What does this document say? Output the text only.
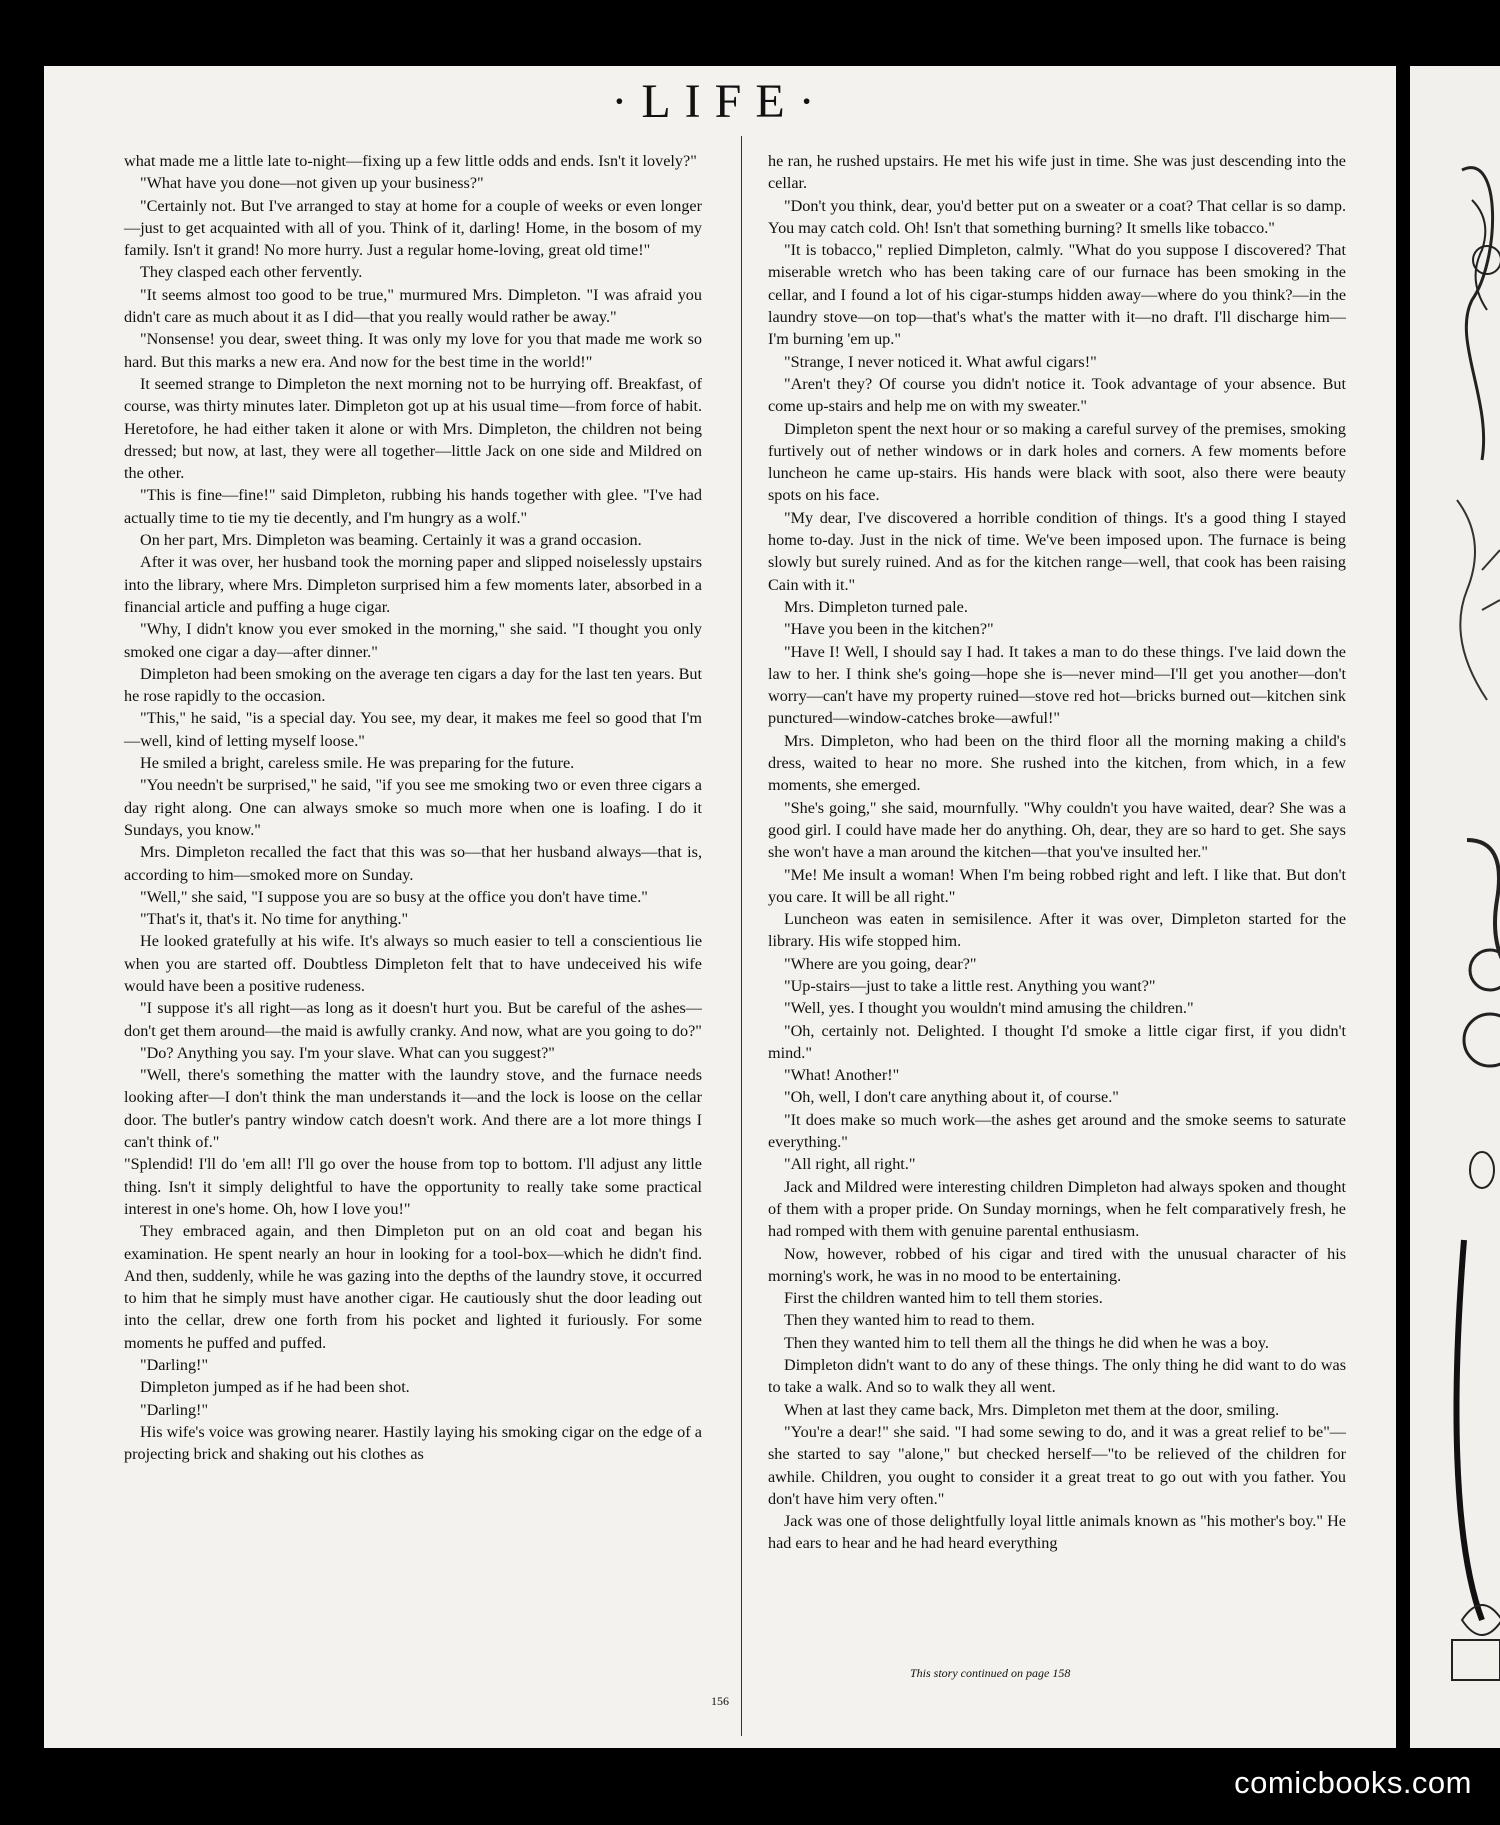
·LIFE·

what made me a little late to-night—fixing up a few little odds and ends. Isn't it lovely?"

"What have you done—not given up your business?"

"Certainly not. But I've arranged to stay at home for a couple of weeks or even longer—just to get acquainted with all of you. Think of it, darling! Home, in the bosom of my family. Isn't it grand! No more hurry. Just a regular home-loving, great old time!"

They clasped each other fervently.

"It seems almost too good to be true," murmured Mrs. Dimpleton. "I was afraid you didn't care as much about it as I did—that you really would rather be away."

"Nonsense! you dear, sweet thing. It was only my love for you that made me work so hard. But this marks a new era. And now for the best time in the world!"

It seemed strange to Dimpleton the next morning not to be hurrying off. Breakfast, of course, was thirty minutes later. Dimpleton got up at his usual time—from force of habit. Heretofore, he had either taken it alone or with Mrs. Dimpleton, the children not being dressed; but now, at last, they were all together—little Jack on one side and Mildred on the other.

"This is fine—fine!" said Dimpleton, rubbing his hands together with glee. "I've had actually time to tie my tie decently, and I'm hungry as a wolf."

On her part, Mrs. Dimpleton was beaming. Certainly it was a grand occasion.

After it was over, her husband took the morning paper and slipped noiselessly upstairs into the library, where Mrs. Dimpleton surprised him a few moments later, absorbed in a financial article and puffing a huge cigar.

"Why, I didn't know you ever smoked in the morning," she said. "I thought you only smoked one cigar a day—after dinner."

Dimpleton had been smoking on the average ten cigars a day for the last ten years. But he rose rapidly to the occasion.

"This," he said, "is a special day. You see, my dear, it makes me feel so good that I'm—well, kind of letting myself loose."

He smiled a bright, careless smile. He was preparing for the future.

"You needn't be surprised," he said, "if you see me smoking two or even three cigars a day right along. One can always smoke so much more when one is loafing. I do it Sundays, you know."

Mrs. Dimpleton recalled the fact that this was so—that her husband always—that is, according to him—smoked more on Sunday.

"Well," she said, "I suppose you are so busy at the office you don't have time."

"That's it, that's it. No time for anything."

He looked gratefully at his wife. It's always so much easier to tell a conscientious lie when you are started off. Doubtless Dimpleton felt that to have undeceived his wife would have been a positive rudeness.

"I suppose it's all right—as long as it doesn't hurt you. But be careful of the ashes—don't get them around—the maid is awfully cranky. And now, what are you going to do?"

"Do? Anything you say. I'm your slave. What can you suggest?"

"Well, there's something the matter with the laundry stove, and the furnace needs looking after—I don't think the man understands it—and the lock is loose on the cellar door. The butler's pantry window catch doesn't work. And there are a lot more things I can't think of."

"Splendid! I'll do 'em all! I'll go over the house from top to bottom. I'll adjust any little thing. Isn't it simply delightful to have the opportunity to really take some practical interest in one's home. Oh, how I love you!"

They embraced again, and then Dimpleton put on an old coat and began his examination. He spent nearly an hour in looking for a tool-box—which he didn't find. And then, suddenly, while he was gazing into the depths of the laundry stove, it occurred to him that he simply must have another cigar. He cautiously shut the door leading out into the cellar, drew one forth from his pocket and lighted it furiously. For some moments he puffed and puffed.

"Darling!"

Dimpleton jumped as if he had been shot.

"Darling!"

His wife's voice was growing nearer. Hastily laying his smoking cigar on the edge of a projecting brick and shaking out his clothes as

he ran, he rushed upstairs. He met his wife just in time. She was just descending into the cellar.

"Don't you think, dear, you'd better put on a sweater or a coat? That cellar is so damp. You may catch cold. Oh! Isn't that something burning? It smells like tobacco."

"It is tobacco," replied Dimpleton, calmly. "What do you suppose I discovered? That miserable wretch who has been taking care of our furnace has been smoking in the cellar, and I found a lot of his cigar-stumps hidden away—where do you think?—in the laundry stove—on top—that's what's the matter with it—no draft. I'll discharge him—I'm burning 'em up."

"Strange, I never noticed it. What awful cigars!"

"Aren't they? Of course you didn't notice it. Took advantage of your absence. But come up-stairs and help me on with my sweater."

Dimpleton spent the next hour or so making a careful survey of the premises, smoking furtively out of nether windows or in dark holes and corners. A few moments before luncheon he came up-stairs. His hands were black with soot, also there were beauty spots on his face.

"My dear, I've discovered a horrible condition of things. It's a good thing I stayed home to-day. Just in the nick of time. We've been imposed upon. The furnace is being slowly but surely ruined. And as for the kitchen range—well, that cook has been raising Cain with it."

Mrs. Dimpleton turned pale.

"Have you been in the kitchen?"

"Have I! Well, I should say I had. It takes a man to do these things. I've laid down the law to her. I think she's going—hope she is—never mind—I'll get you another—don't worry—can't have my property ruined—stove red hot—bricks burned out—kitchen sink punctured—window-catches broke—awful!"

Mrs. Dimpleton, who had been on the third floor all the morning making a child's dress, waited to hear no more. She rushed into the kitchen, from which, in a few moments, she emerged.

"She's going," she said, mournfully. "Why couldn't you have waited, dear? She was a good girl. I could have made her do anything. Oh, dear, they are so hard to get. She says she won't have a man around the kitchen—that you've insulted her."

"Me! Me insult a woman! When I'm being robbed right and left. I like that. But don't you care. It will be all right."

Luncheon was eaten in semisilence. After it was over, Dimpleton started for the library. His wife stopped him.

"Where are you going, dear?"

"Up-stairs—just to take a little rest. Anything you want?"

"Well, yes. I thought you wouldn't mind amusing the children."

"Oh, certainly not. Delighted. I thought I'd smoke a little cigar first, if you didn't mind."

"What! Another!"

"Oh, well, I don't care anything about it, of course."

"It does make so much work—the ashes get around and the smoke seems to saturate everything."

"All right, all right."

Jack and Mildred were interesting children Dimpleton had always spoken and thought of them with a proper pride. On Sunday mornings, when he felt comparatively fresh, he had romped with them with genuine parental enthusiasm.

Now, however, robbed of his cigar and tired with the unusual character of his morning's work, he was in no mood to be entertaining.

First the children wanted him to tell them stories.

Then they wanted him to read to them.

Then they wanted him to tell them all the things he did when he was a boy.

Dimpleton didn't want to do any of these things. The only thing he did want to do was to take a walk. And so to walk they all went.

When at last they came back, Mrs. Dimpleton met them at the door, smiling.

"You're a dear!" she said. "I had some sewing to do, and it was a great relief to be"—she started to say "alone," but checked herself—"to be relieved of the children for awhile. Children, you ought to consider it a great treat to go out with you father. You don't have him very often."

Jack was one of those delightfully loyal little animals known as "his mother's boy." He had ears to hear and he had heard everything

This story continued on page 158
156
comicbooks.com
